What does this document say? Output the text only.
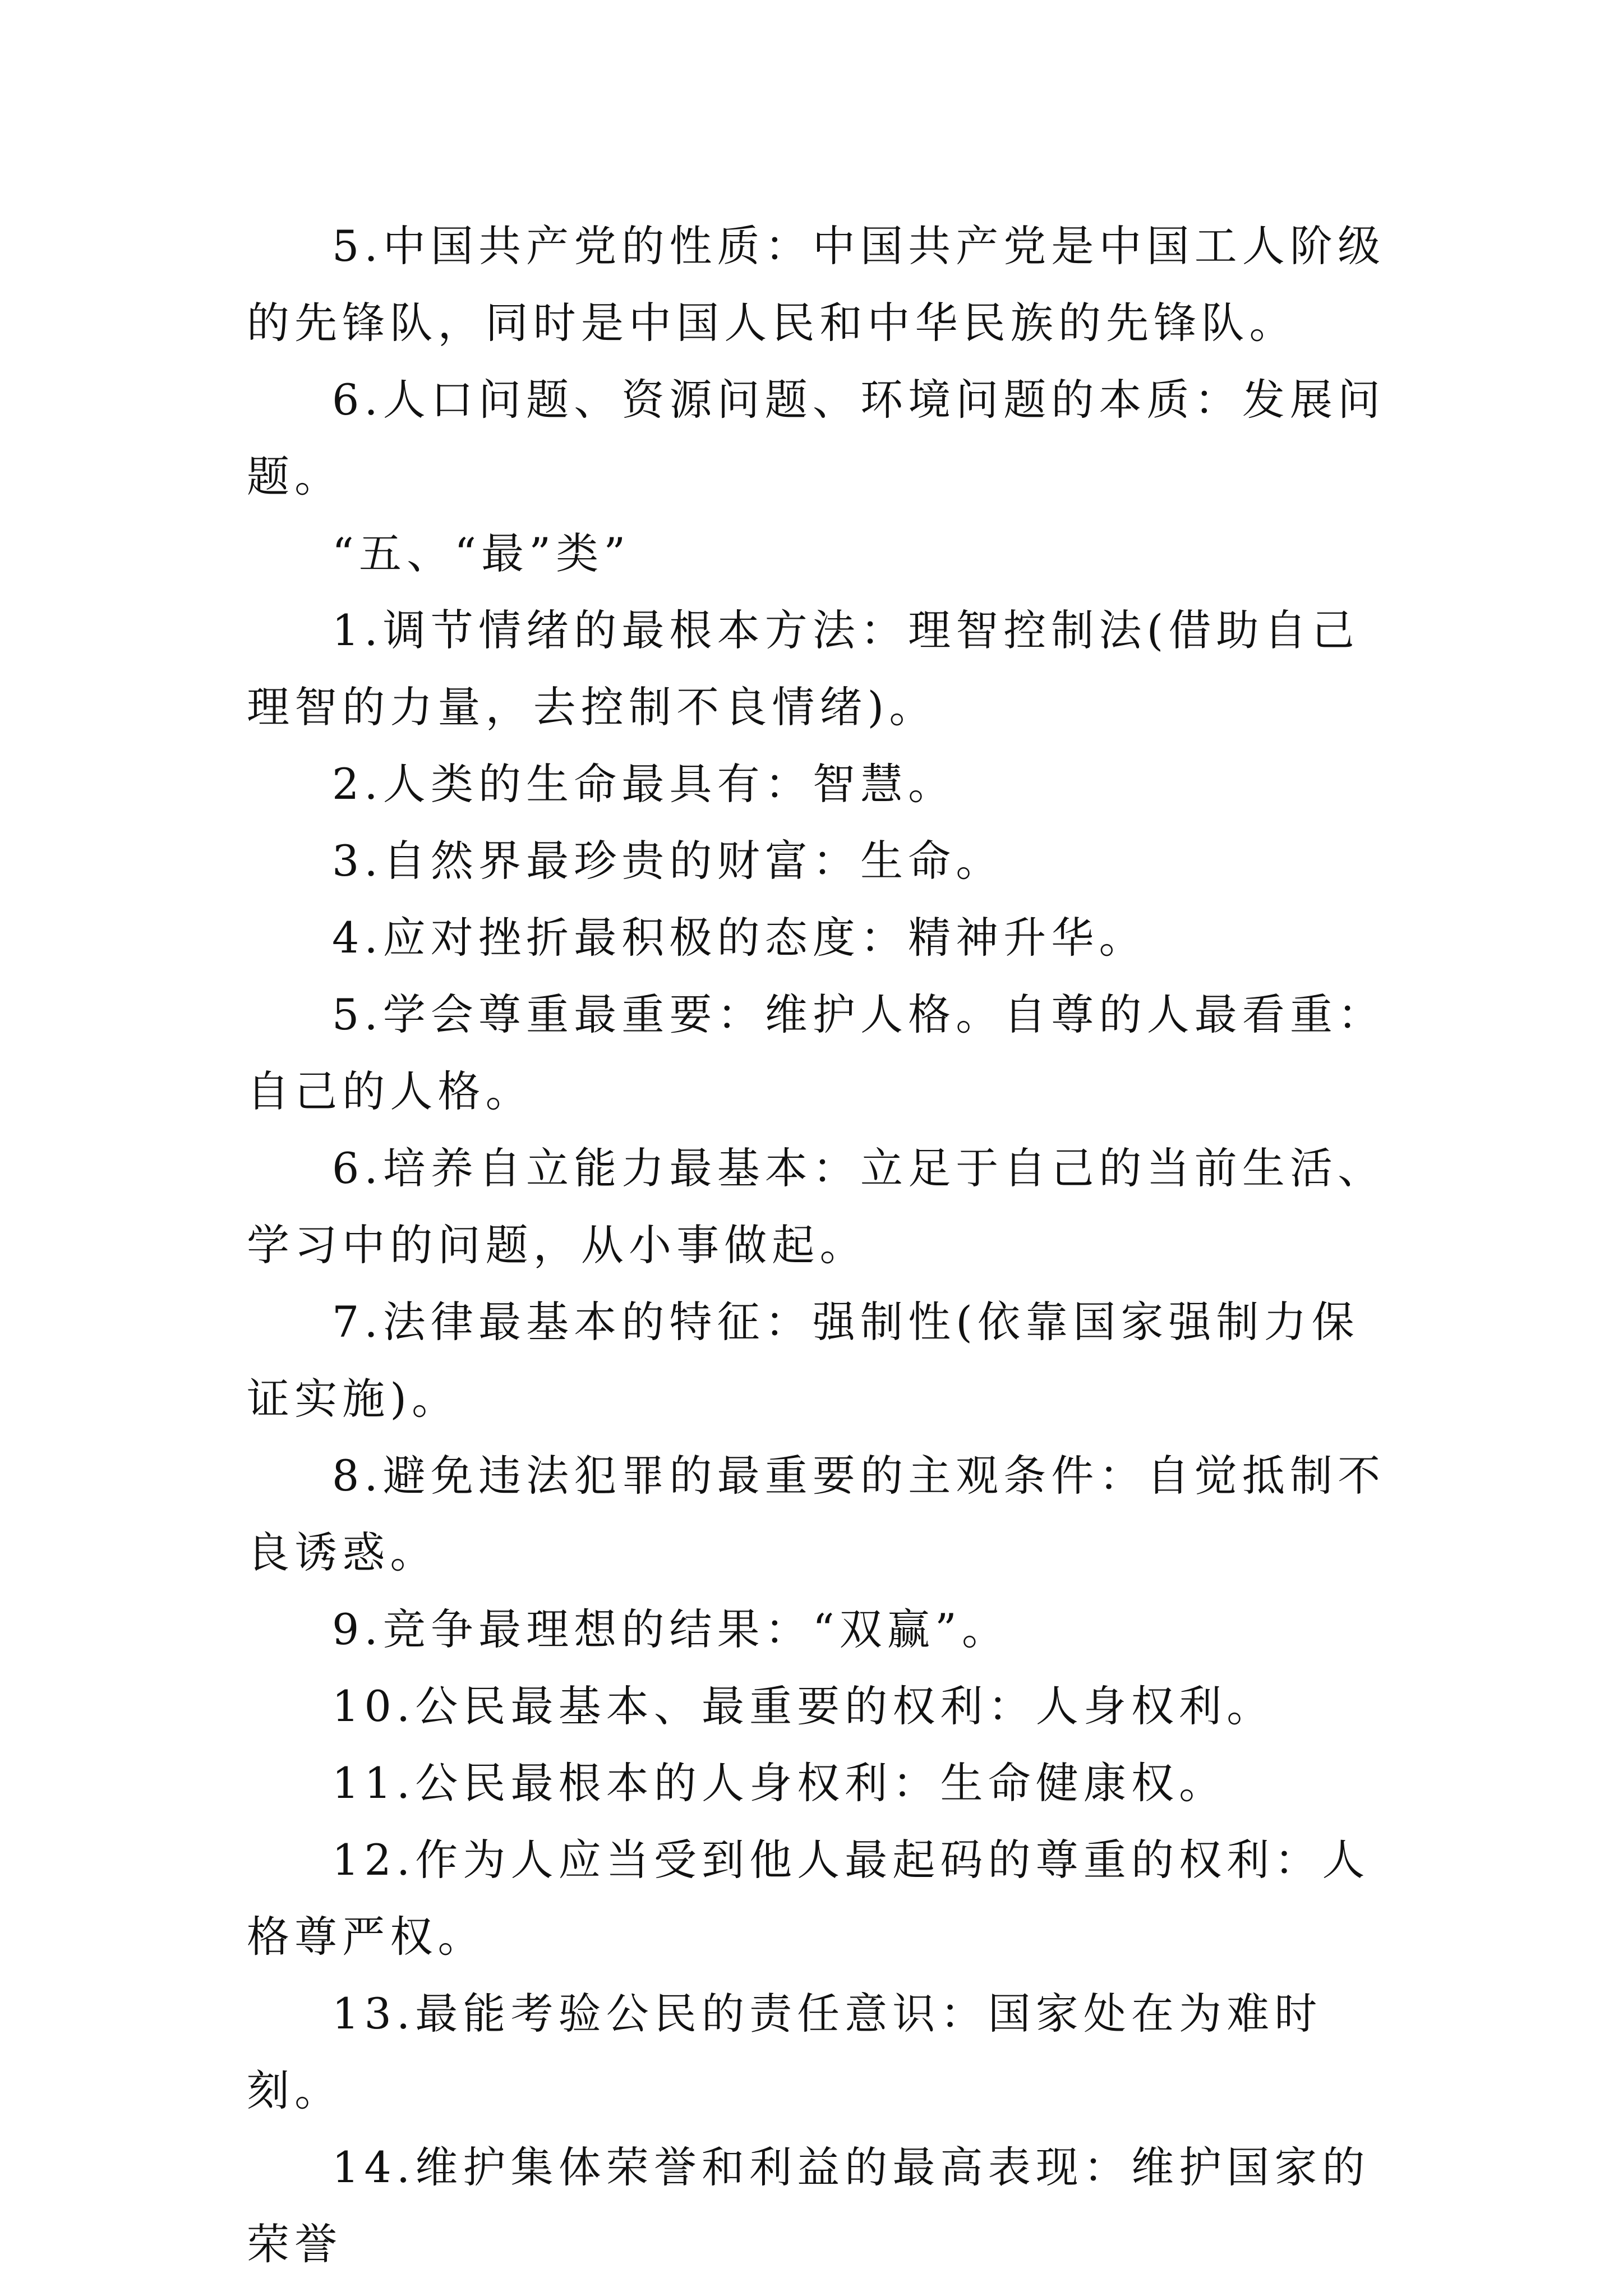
5.中国共产党的性质：中国共产党是中国工人阶级的先锋队，同时是中国人民和中华民族的先锋队。

6.人口问题、资源问题、环境问题的本质：发展问题。

“五、“最”类”

1.调节情绪的最根本方法：理智控制法(借助自己理智的力量，去控制不良情绪)。

2.人类的生命最具有：智慧。

3.自然界最珍贵的财富：生命。

4.应对挫折最积极的态度：精神升华。

5.学会尊重最重要：维护人格。自尊的人最看重：自己的人格。

6.培养自立能力最基本：立足于自己的当前生活、学习中的问题，从小事做起。

7.法律最基本的特征：强制性(依靠国家强制力保证实施)。

8.避免违法犯罪的最重要的主观条件：自觉抵制不良诱惑。

9.竞争最理想的结果：“双赢”。

10.公民最基本、最重要的权利：人身权利。

11.公民最根本的人身权利：生命健康权。

12.作为人应当受到他人最起码的尊重的权利：人格尊严权。

13.最能考验公民的责任意识：国家处在为难时刻。

14.维护集体荣誉和利益的最高表现：维护国家的荣誉
